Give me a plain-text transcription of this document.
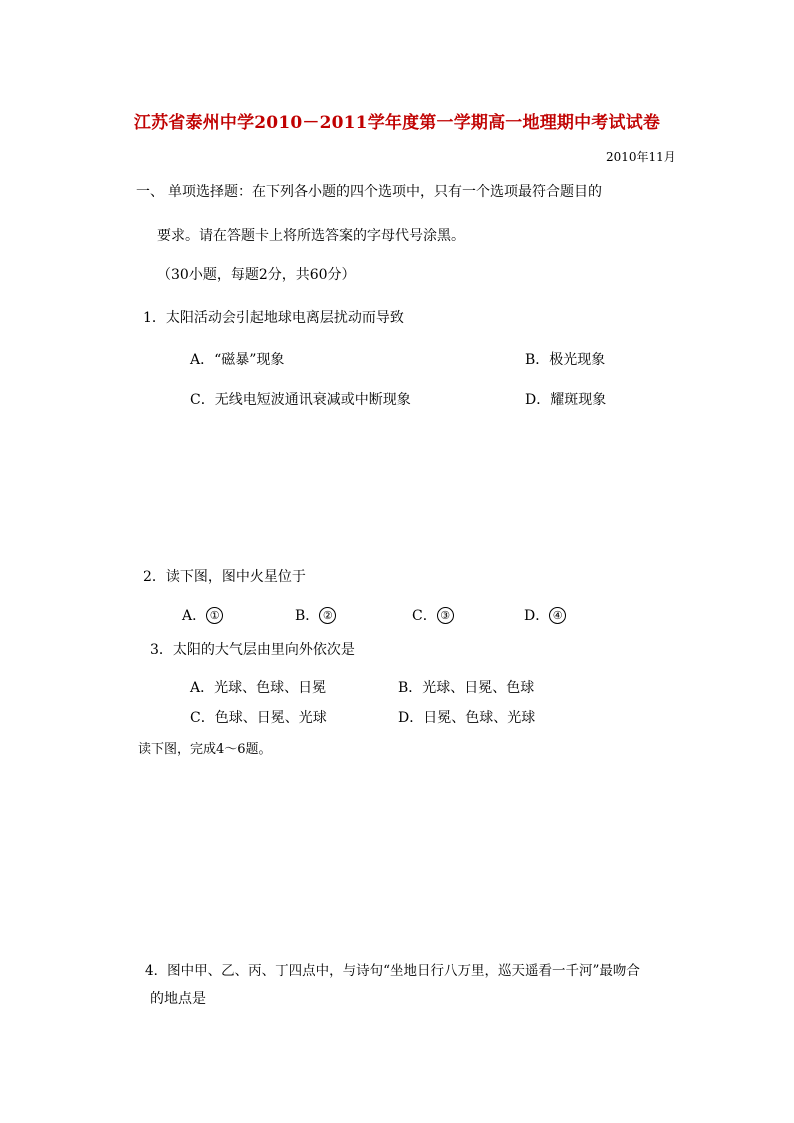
江苏省泰州中学2010－2011学年度第一学期高一地理期中考试试卷
2010年11月
一、 单项选择题：在下列各小题的四个选项中，只有一个选项最符合题目的
要求。请在答题卡上将所选答案的字母代号涂黑。
（30小题，每题2分，共60分）
1．太阳活动会引起地球电离层扰动而导致
A．“磁暴”现象	B．极光现象
C．无线电短波通讯衰减或中断现象	D．耀斑现象
2．读下图，图中火星位于
A． ①	B． ②	C． ③	D． ④
3．太阳的大气层由里向外依次是
A．光球、色球、日冕	B．光球、日冕、色球
C．色球、日冕、光球	D．日冕、色球、光球
读下图，完成4～6题。
4．图中甲、乙、丙、丁四点中，与诗句“坐地日行八万里，巡天遥看一千河”最吻合
的地点是
